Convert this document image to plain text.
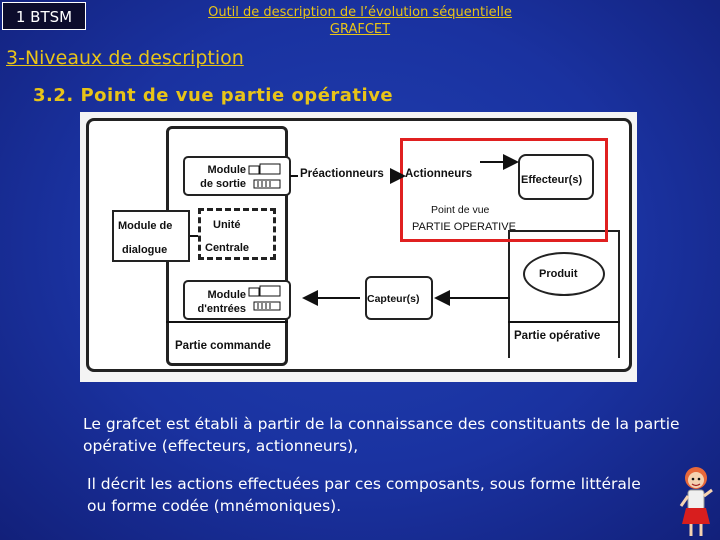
1 BTSM	Outil de description de l’évolution séquentielle
GRAFCET
3-Niveaux de description
3.2. Point de vue partie opérative
Partie commande
Partie opérative
Module
de sortie
Module de
dialogue
Unité
Centrale
Module
d'entrées
Préactionneurs Actionneurs	Effecteur(s)
Point de vue
PARTIE OPERATIVE
Produit
Capteur(s)
Le grafcet est établi à partir de la connaissance des constituants de la partie opérative (effecteurs, actionneurs),
Il décrit les actions effectuées par ces composants, sous forme littérale ou forme codée (mnémoniques).
